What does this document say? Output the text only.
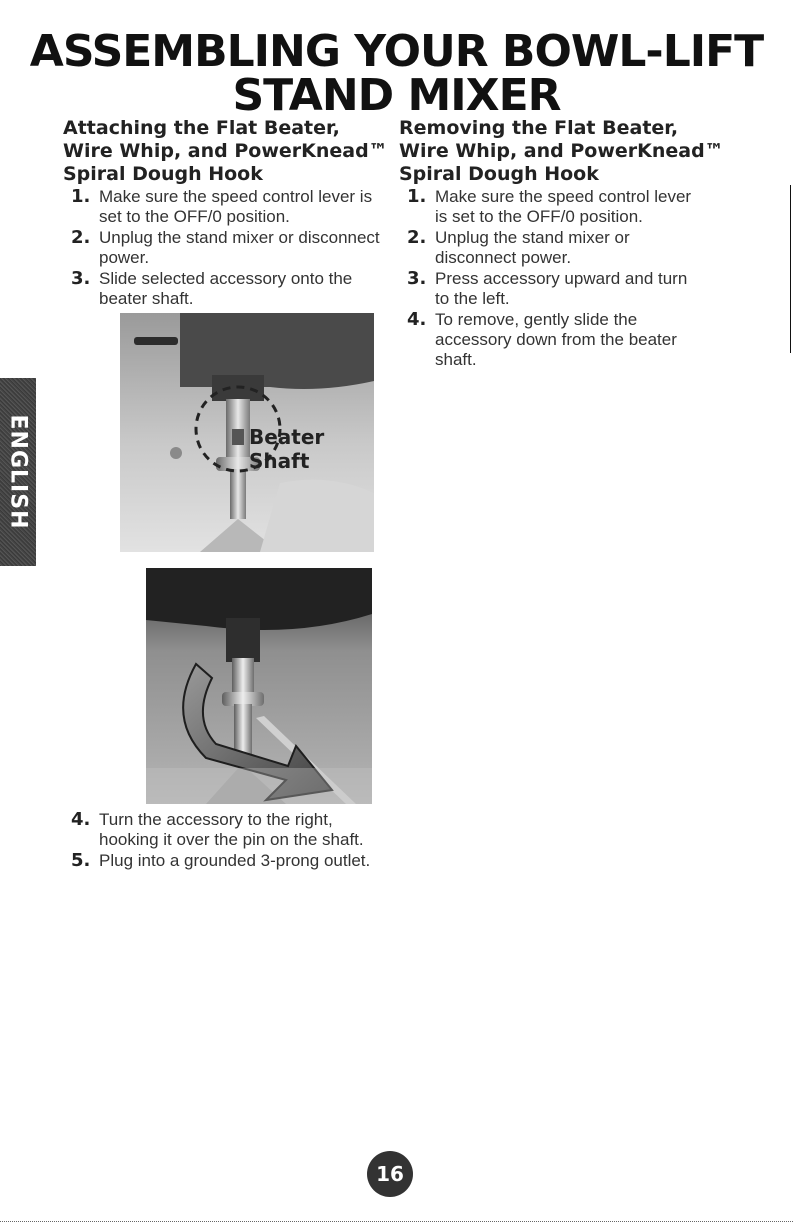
ASSEMBLING YOUR BOWL-LIFT
STAND MIXER
ENGLISH
Attaching the Flat Beater,
Wire Whip, and PowerKnead™
Spiral Dough Hook
1. Make sure the speed control lever is set to the OFF/0 position.
2. Unplug the stand mixer or disconnect power.
3. Slide selected accessory onto the beater shaft.
Beater
Shaft
4. Turn the accessory to the right, hooking it over the pin on the shaft.
5. Plug into a grounded 3-prong outlet.
Removing the Flat Beater,
Wire Whip, and PowerKnead™
Spiral Dough Hook
1. Make sure the speed control lever is set to the OFF/0 position.
2. Unplug the stand mixer or disconnect power.
3. Press accessory upward and turn to the left.
4. To remove, gently slide the accessory down from the beater shaft.
16
